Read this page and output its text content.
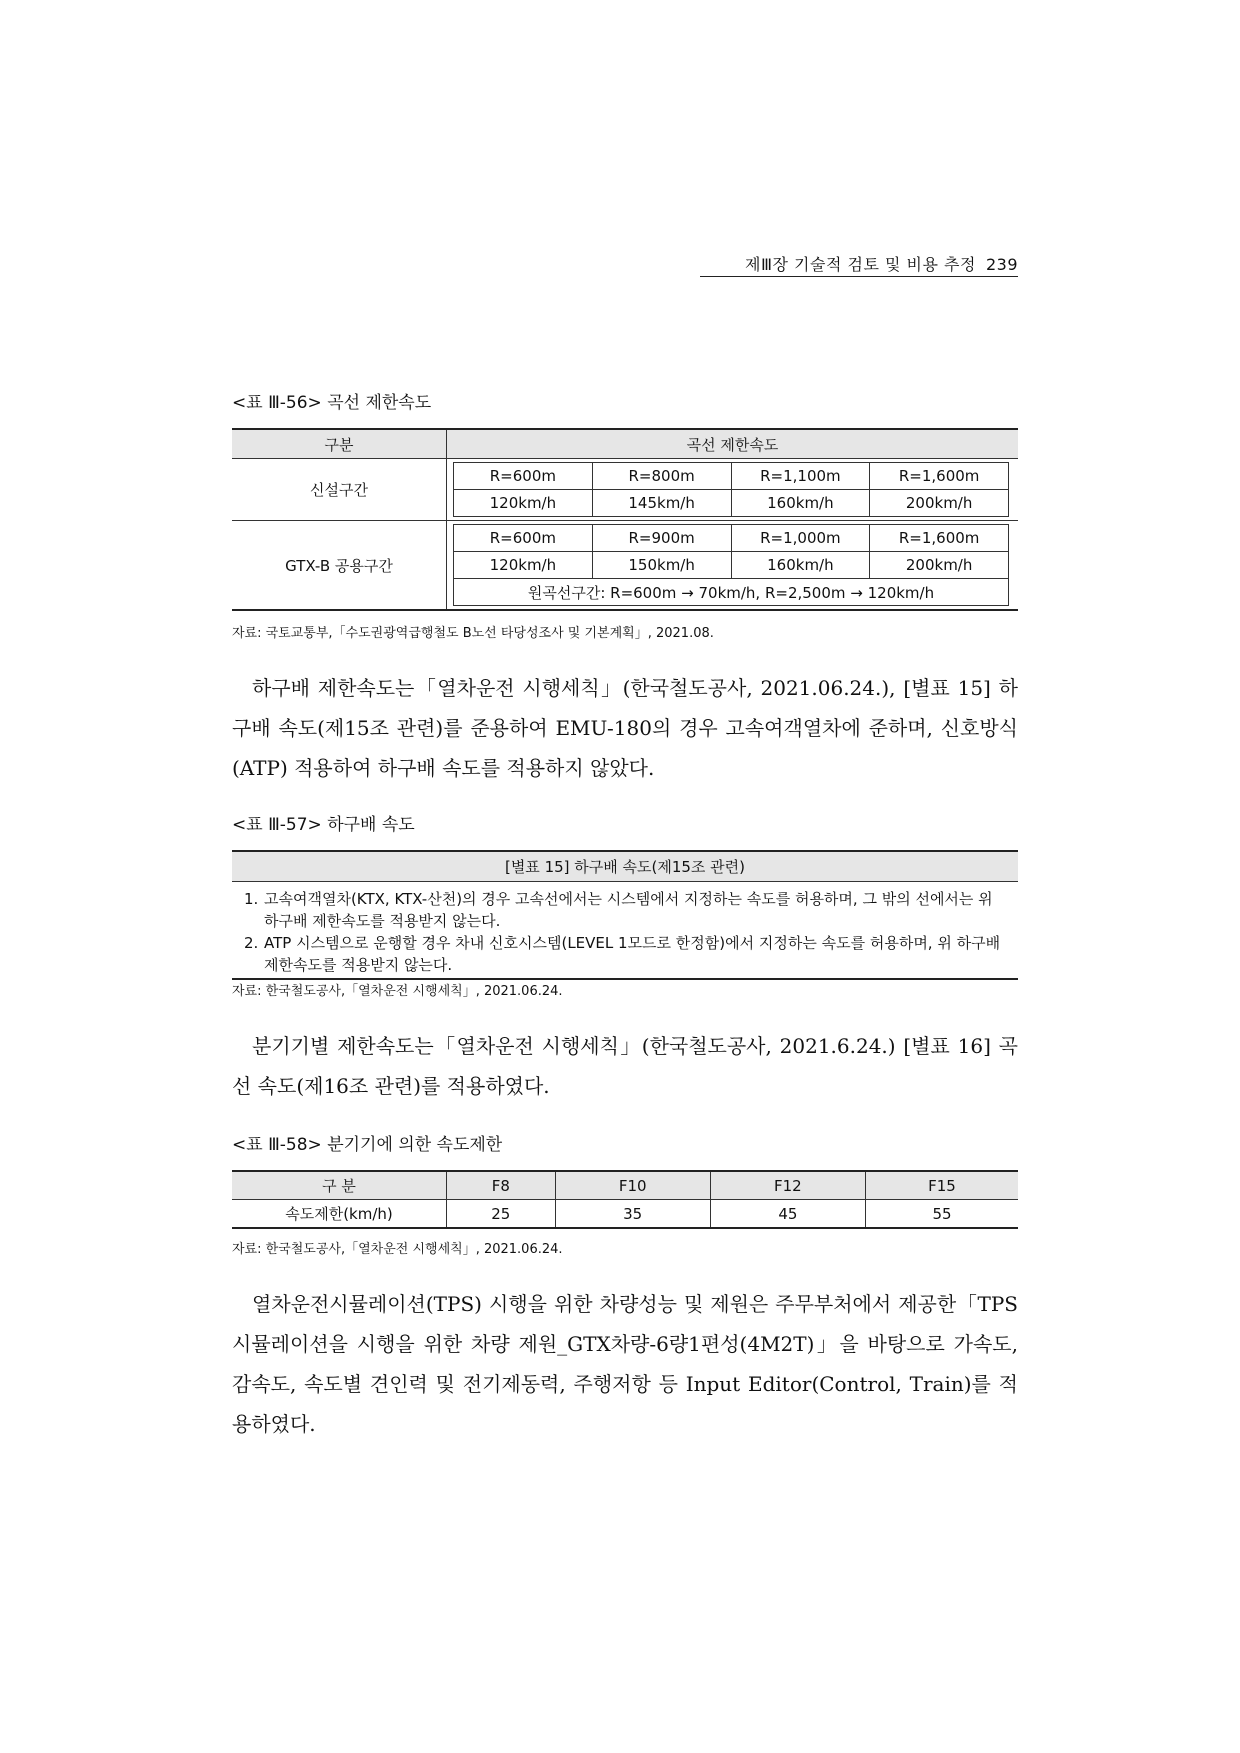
제Ⅲ장 기술적 검토 및 비용 추정 239
<표 Ⅲ-56> 곡선 제한속도
구분	곡선 제한속도
신설구간	
R=600m	R=800m	R=1,100m	R=1,600m
120km/h	145km/h	160km/h	200km/h

GTX-B 공용구간	
R=600m	R=900m	R=1,000m	R=1,600m
120km/h	150km/h	160km/h	200km/h
원곡선구간: R=600m → 70km/h, R=2,500m → 120km/h
자료: 국토교통부,「수도권광역급행철도 B노선 타당성조사 및 기본계획」, 2021.08.
하구배 제한속도는「열차운전 시행세칙」(한국철도공사, 2021.06.24.), [별표 15] 하구배 속도(제15조 관련)를 준용하여 EMU-180의 경우 고속여객열차에 준하며, 신호방식(ATP) 적용하여 하구배 속도를 적용하지 않았다.
<표 Ⅲ-57> 하구배 속도
[별표 15] 하구배 속도(제15조 관련)

1. 고속여객열차(KTX, KTX-산천)의 경우 고속선에서는 시스템에서 지정하는 속도를 허용하며, 그 밖의 선에서는 위 하구배 제한속도를 적용받지 않는다.
2. ATP 시스템으로 운행할 경우 차내 신호시스템(LEVEL 1모드로 한정함)에서 지정하는 속도를 허용하며, 위 하구배 제한속도를 적용받지 않는다.
자료: 한국철도공사,「열차운전 시행세칙」, 2021.06.24.
분기기별 제한속도는「열차운전 시행세칙」(한국철도공사, 2021.6.24.) [별표 16] 곡선 속도(제16조 관련)를 적용하였다.
<표 Ⅲ-58> 분기기에 의한 속도제한
구 분	F8	F10	F12	F15
속도제한(km/h)	25	35	45	55
자료: 한국철도공사,「열차운전 시행세칙」, 2021.06.24.
열차운전시뮬레이션(TPS) 시행을 위한 차량성능 및 제원은 주무부처에서 제공한「TPS 시뮬레이션을 시행을 위한 차량 제원_GTX차량-6량1편성(4M2T)」을 바탕으로 가속도, 감속도, 속도별 견인력 및 전기제동력, 주행저항 등 Input Editor(Control, Train)를 적용하였다.
